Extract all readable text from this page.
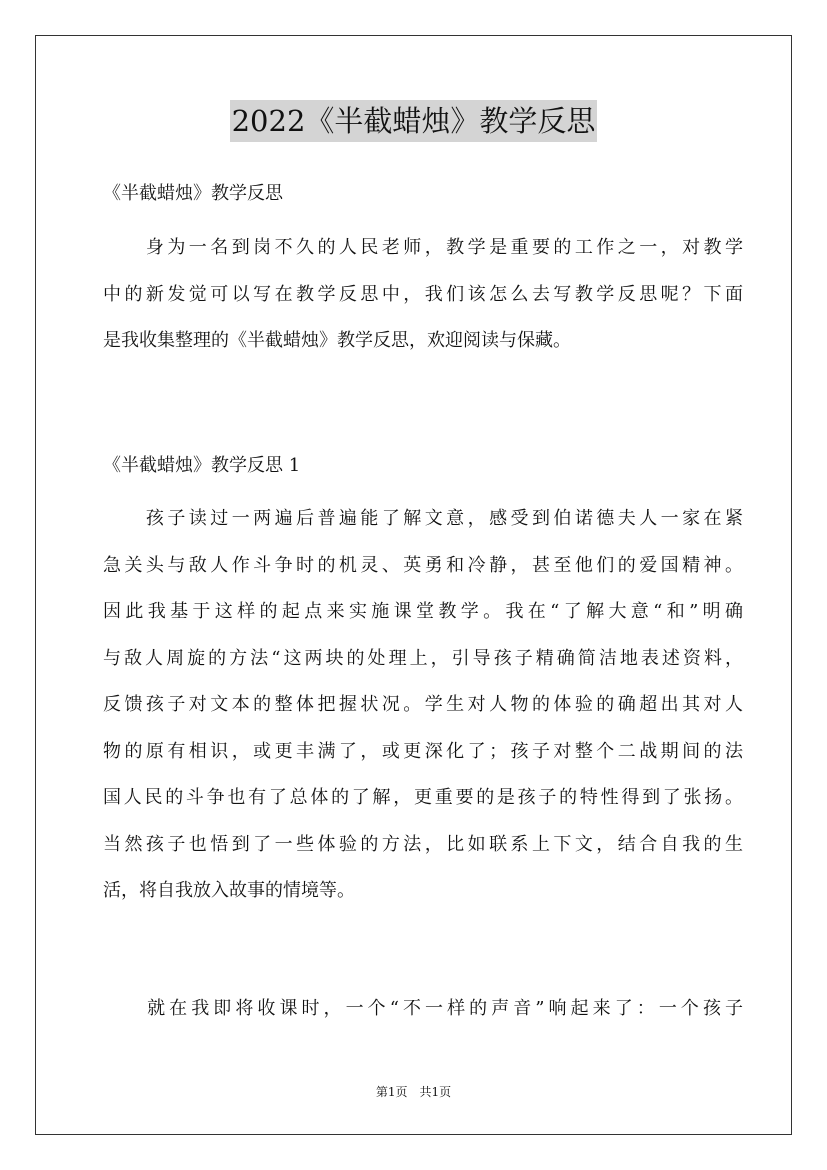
2022《半截蜡烛》教学反思
《半截蜡烛》教学反思
　　身为一名到岗不久的人民老师，教学是重要的工作之一，对教学
中的新发觉可以写在教学反思中，我们该怎么去写教学反思呢？下面
是我收集整理的《半截蜡烛》教学反思，欢迎阅读与保藏。
《半截蜡烛》教学反思 1
　　孩子读过一两遍后普遍能了解文意，感受到伯诺德夫人一家在紧
急关头与敌人作斗争时的机灵、英勇和冷静，甚至他们的爱国精神。
因此我基于这样的起点来实施课堂教学。我在“了解大意“和”明确
与敌人周旋的方法“这两块的处理上，引导孩子精确简洁地表述资料，
反馈孩子对文本的整体把握状况。学生对人物的体验的确超出其对人
物的原有相识，或更丰满了，或更深化了；孩子对整个二战期间的法
国人民的斗争也有了总体的了解，更重要的是孩子的特性得到了张扬。
当然孩子也悟到了一些体验的方法，比如联系上下文，结合自我的生
活，将自我放入故事的情境等。
　　就在我即将收课时，一个“不一样的声音”响起来了：一个孩子
第1页　共1页
